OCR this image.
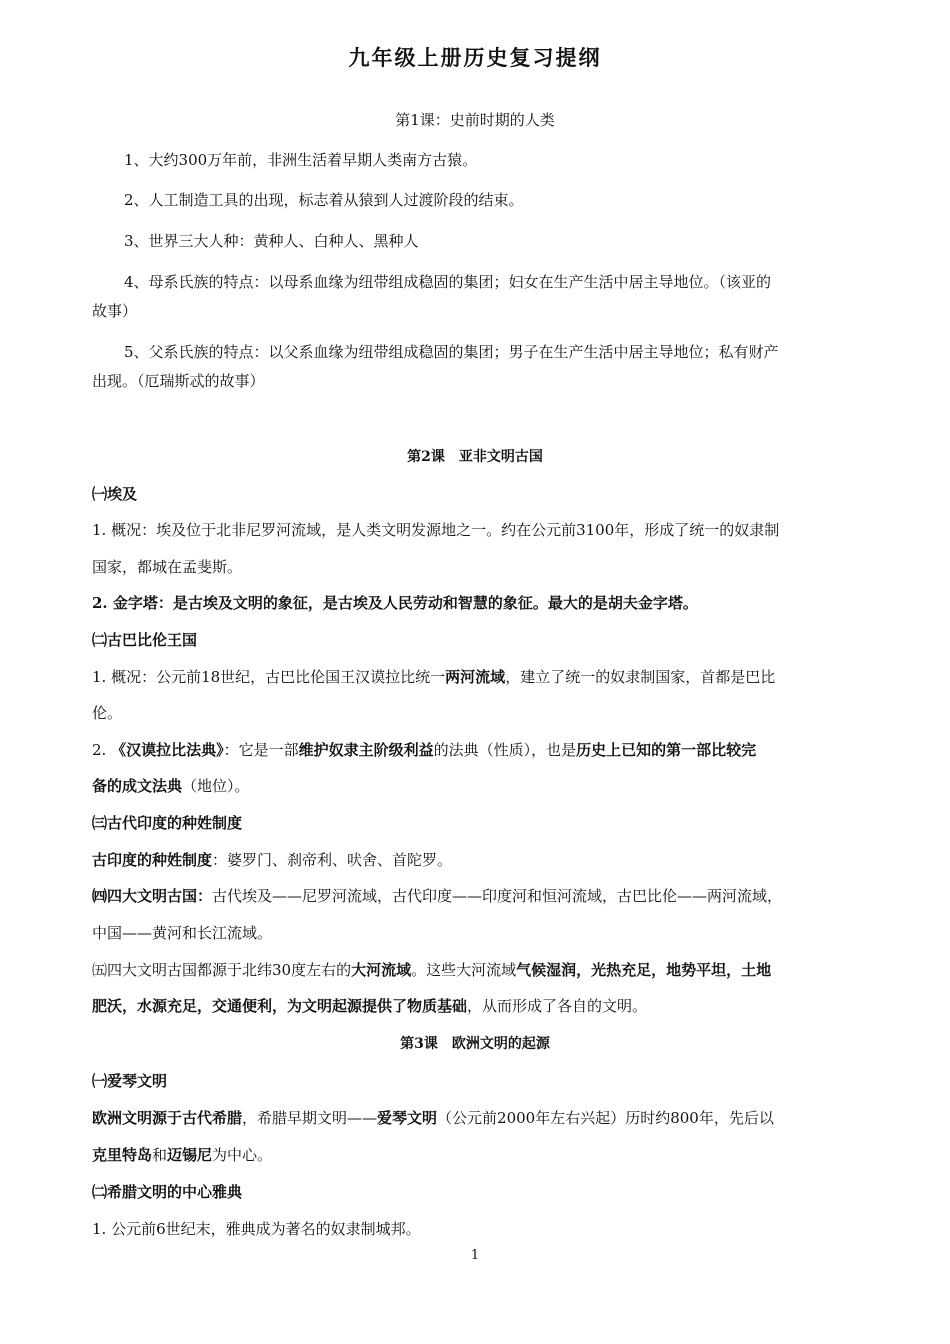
九年级上册历史复习提纲
第1课：史前时期的人类
1、大约300万年前，非洲生活着早期人类南方古猿。
2、人工制造工具的出现，标志着从猿到人过渡阶段的结束。
3、世界三大人种：黄种人、白种人、黑种人
4、母系氏族的特点：以母系血缘为纽带组成稳固的集团；妇女在生产生活中居主导地位。（该亚的
故事）
5、父系氏族的特点：以父系血缘为纽带组成稳固的集团；男子在生产生活中居主导地位；私有财产
出现。（厄瑞斯忒的故事）
第2课　亚非文明古国
㈠埃及
1. 概况：埃及位于北非尼罗河流域，是人类文明发源地之一。约在公元前3100年，形成了统一的奴隶制
国家，都城在孟斐斯。
2. 金字塔：是古埃及文明的象征，是古埃及人民劳动和智慧的象征。最大的是胡夫金字塔。
㈡古巴比伦王国
1. 概况：公元前18世纪，古巴比伦国王汉谟拉比统一两河流域，建立了统一的奴隶制国家，首都是巴比
伦。
2. 《汉谟拉比法典》：它是一部维护奴隶主阶级利益的法典（性质），也是历史上已知的第一部比较完
备的成文法典（地位）。
㈢古代印度的种姓制度
古印度的种姓制度：婆罗门、刹帝利、吠舍、首陀罗。
㈣四大文明古国：古代埃及——尼罗河流域，古代印度——印度河和恒河流域，古巴比伦——两河流域，
中国——黄河和长江流域。
㈤四大文明古国都源于北纬30度左右的大河流域。这些大河流域气候湿润，光热充足，地势平坦，土地
肥沃，水源充足，交通便利，为文明起源提供了物质基础，从而形成了各自的文明。
第3课　欧洲文明的起源
㈠爱琴文明
欧洲文明源于古代希腊，希腊早期文明——爱琴文明（公元前2000年左右兴起）历时约800年，先后以
克里特岛和迈锡尼为中心。
㈡希腊文明的中心雅典
1. 公元前6世纪末，雅典成为著名的奴隶制城邦。
1
